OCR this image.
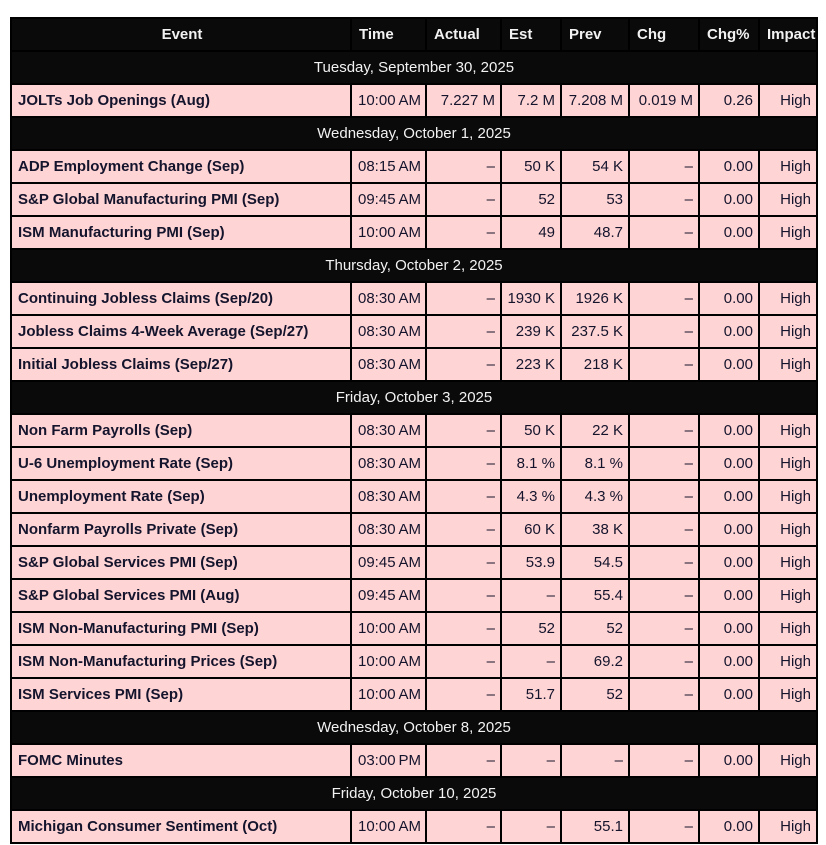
Event	Time	Actual	Est	Prev	Chg	Chg%	Impact
Tuesday, September 30, 2025							
JOLTs Job Openings (Aug)	10:00 AM	7.227 M	7.2 M	7.208 M	0.019 M	0.26	High
Wednesday, October 1, 2025							
ADP Employment Change (Sep)	08:15 AM	–	50 K	54 K	–	0.00	High
S&P Global Manufacturing PMI (Sep)	09:45 AM	–	52	53	–	0.00	High
ISM Manufacturing PMI (Sep)	10:00 AM	–	49	48.7	–	0.00	High
Thursday, October 2, 2025							
Continuing Jobless Claims (Sep/20)	08:30 AM	–	1930 K	1926 K	–	0.00	High
Jobless Claims 4-Week Average (Sep/27)	08:30 AM	–	239 K	237.5 K	–	0.00	High
Initial Jobless Claims (Sep/27)	08:30 AM	–	223 K	218 K	–	0.00	High
Friday, October 3, 2025							
Non Farm Payrolls (Sep)	08:30 AM	–	50 K	22 K	–	0.00	High
U-6 Unemployment Rate (Sep)	08:30 AM	–	8.1 %	8.1 %	–	0.00	High
Unemployment Rate (Sep)	08:30 AM	–	4.3 %	4.3 %	–	0.00	High
Nonfarm Payrolls Private (Sep)	08:30 AM	–	60 K	38 K	–	0.00	High
S&P Global Services PMI (Sep)	09:45 AM	–	53.9	54.5	–	0.00	High
S&P Global Services PMI (Aug)	09:45 AM	–	–	55.4	–	0.00	High
ISM Non-Manufacturing PMI (Sep)	10:00 AM	–	52	52	–	0.00	High
ISM Non-Manufacturing Prices (Sep)	10:00 AM	–	–	69.2	–	0.00	High
ISM Services PMI (Sep)	10:00 AM	–	51.7	52	–	0.00	High
Wednesday, October 8, 2025							
FOMC Minutes	03:00 PM	–	–	–	–	0.00	High
Friday, October 10, 2025							
Michigan Consumer Sentiment (Oct)	10:00 AM	–	–	55.1	–	0.00	High
